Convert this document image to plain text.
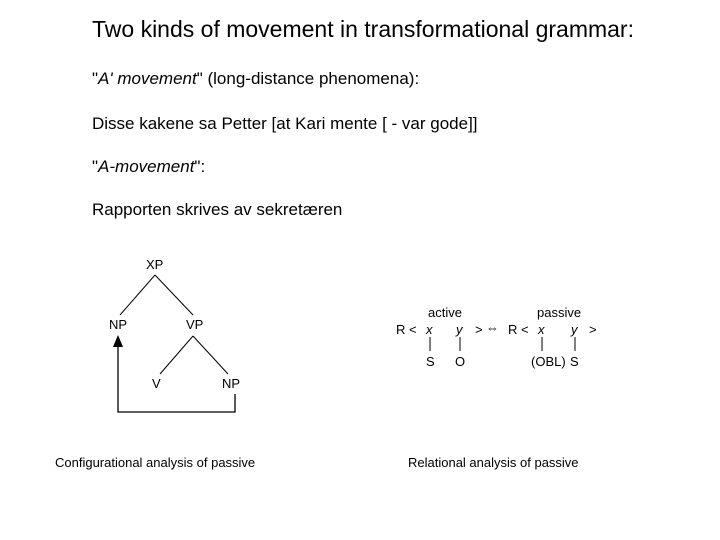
Two kinds of movement in transformational grammar:
"A' movement" (long-distance phenomena):
Disse kakene sa Petter [at Kari mente [ - var gode]]
"A-movement":
Rapporten skrives av sekretæren
XP
NP	VP
V	NP
active	passive
R < x y > ⇔ R < x y >
S O	(OBL) S
Configurational analysis of passive	Relational analysis of passive
